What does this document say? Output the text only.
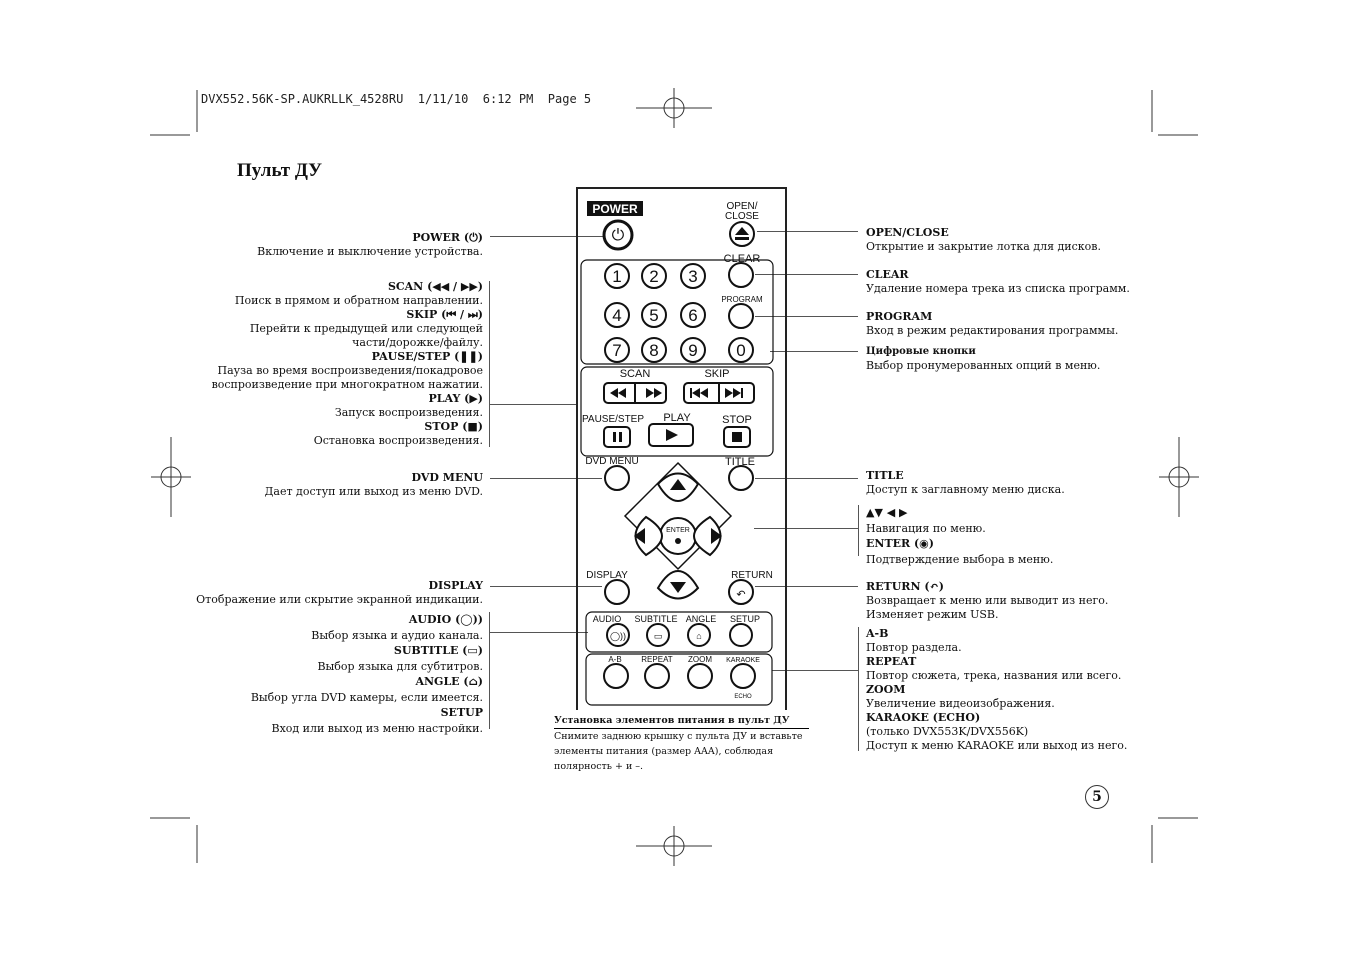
DVX552.56K-SP.AUKRLLK_4528RU  1/11/10  6:12 PM  Page 5
Пульт ДУ
POWER (⏻)
Включение и выключение устройства.
SCAN (◀◀ / ▶▶)
Поиск в прямом и обратном направлении.
SKIP (⏮ / ⏭)
Перейти к предыдущей или следующей
части/дорожке/файлу.
PAUSE/STEP (❚❚)
Пауза во время воспроизведения/покадровое
воспроизведение при многократном нажатии.
PLAY (▶)
Запуск воспроизведения.
STOP (■)
Остановка воспроизведения.
DVD MENU
Дает доступ или выход из меню DVD.
DISPLAY
Отображение или скрытие экранной индикации.
AUDIO (◯))
Выбор языка и аудио канала.
SUBTITLE (▭)
Выбор языка для субтитров.
ANGLE (⌂)
Выбор угла DVD камеры, если имеется.
SETUP
Вход или выход из меню настройки.
OPEN/CLOSE
Открытие и закрытие лотка для дисков.
CLEAR
Удаление номера трека из списка программ.
PROGRAM
Вход в режим редактирования программы.
Цифровые кнопки
Выбор пронумерованных опций в меню.
TITLE
Доступ к заглавному меню диска.
▲▼ ◀ ▶
Навигация по меню.
ENTER (◉)
Подтверждение выбора в меню.
RETURN (↶)
Возвращает к меню или выводит из него.
Изменяет режим USB.
A-B
Повтор раздела.
REPEAT
Повтор сюжета, трека, названия или всего.
ZOOM
Увеличение видеоизображения.
KARAOKE (ECHO)
(только DVX553K/DVX556K)
Доступ к меню KARAOKE или выход из него.
POWER	OPEN/
CLOSE
CLEAR
PROGRAM
SCAN	SKIP
PAUSE/STEP PLAY	STOP
DVD MENU	TITLE
ENTER
DISPLAY	RETURN
AUDIO SUBTITLE ANGLE SETUP
A-B REPEAT ZOOM KARAOKE
ECHO
1 2 3
4 5 6
7 8 9 0
◯))	▭	⌂
↶
⏻
Установка элементов питания в пульт ДУ
Снимите заднюю крышку с пульта ДУ и вставьте
элементы питания (размер AAA), соблюдая
полярность + и –.
5
